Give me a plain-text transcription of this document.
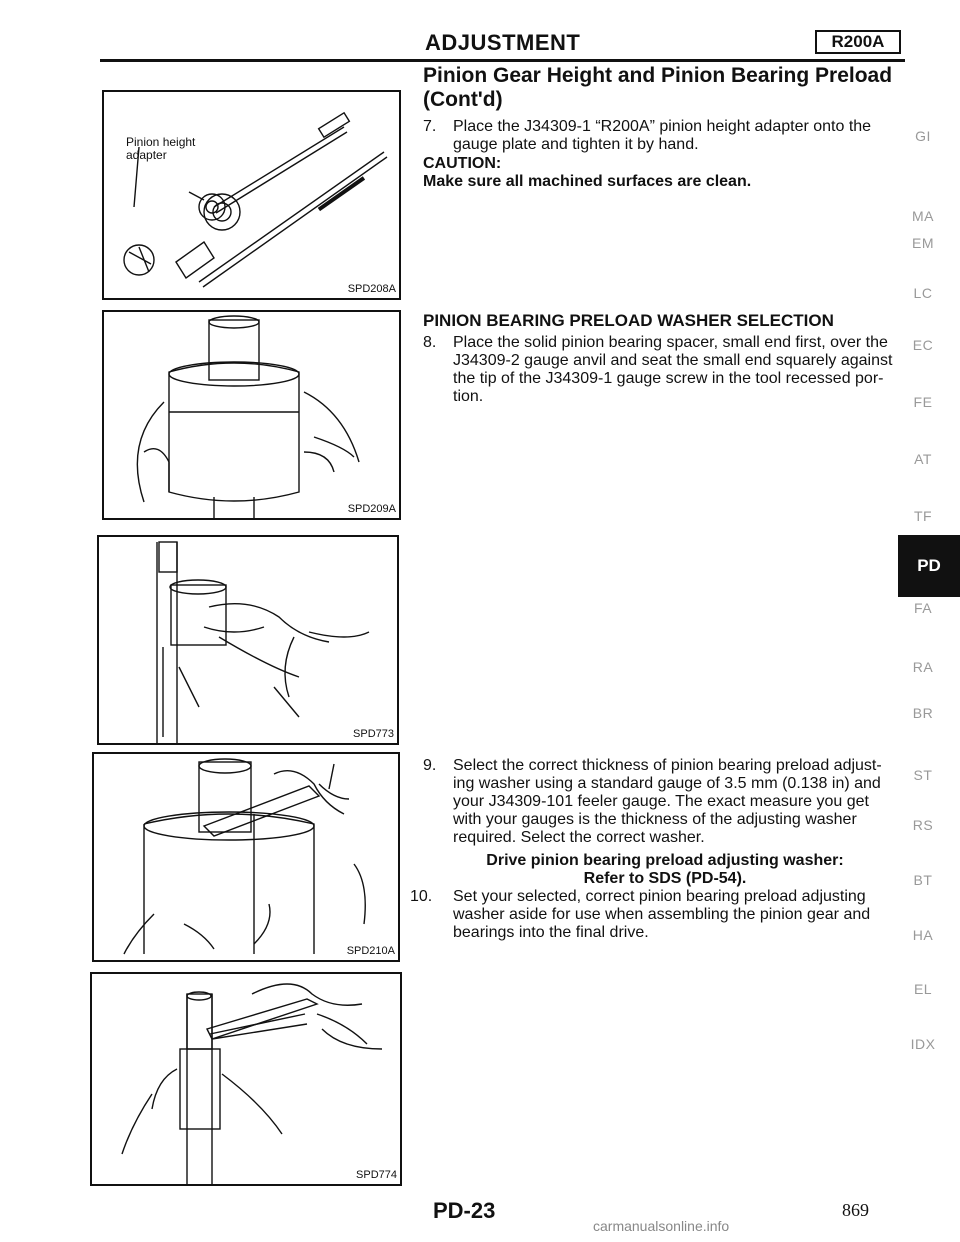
ADJUSTMENT	R200A
Pinion Gear Height and Pinion Bearing Preload
(Cont'd)
7. Place the J34309-1 “R200A” pinion height adapter onto the
gauge plate and tighten it by hand.
CAUTION:
Make sure all machined surfaces are clean.
PINION BEARING PRELOAD WASHER SELECTION
8. Place the solid pinion bearing spacer, small end first, over the
J34309-2 gauge anvil and seat the small end squarely against
the tip of the J34309-1 gauge screw in the tool recessed por-
tion.
9. Select the correct thickness of pinion bearing preload adjust-
ing washer using a standard gauge of 3.5 mm (0.138 in) and
your J34309-101 feeler gauge. The exact measure you get
with your gauges is the thickness of the adjusting washer
required. Select the correct washer.
Drive pinion bearing preload adjusting washer:
Refer to SDS (PD-54).
10. Set your selected, correct pinion bearing preload adjusting
washer aside for use when assembling the pinion gear and
bearings into the final drive.
Pinion height
adapter
SPD208A
SPD209A
SPD773
SPD210A
SPD774
GI
MA
EM
LC
EC
FE
AT
TF
PD
FA
RA
BR
ST
RS
BT
HA
EL
IDX
PD-23	869
carmanualsonline.info
